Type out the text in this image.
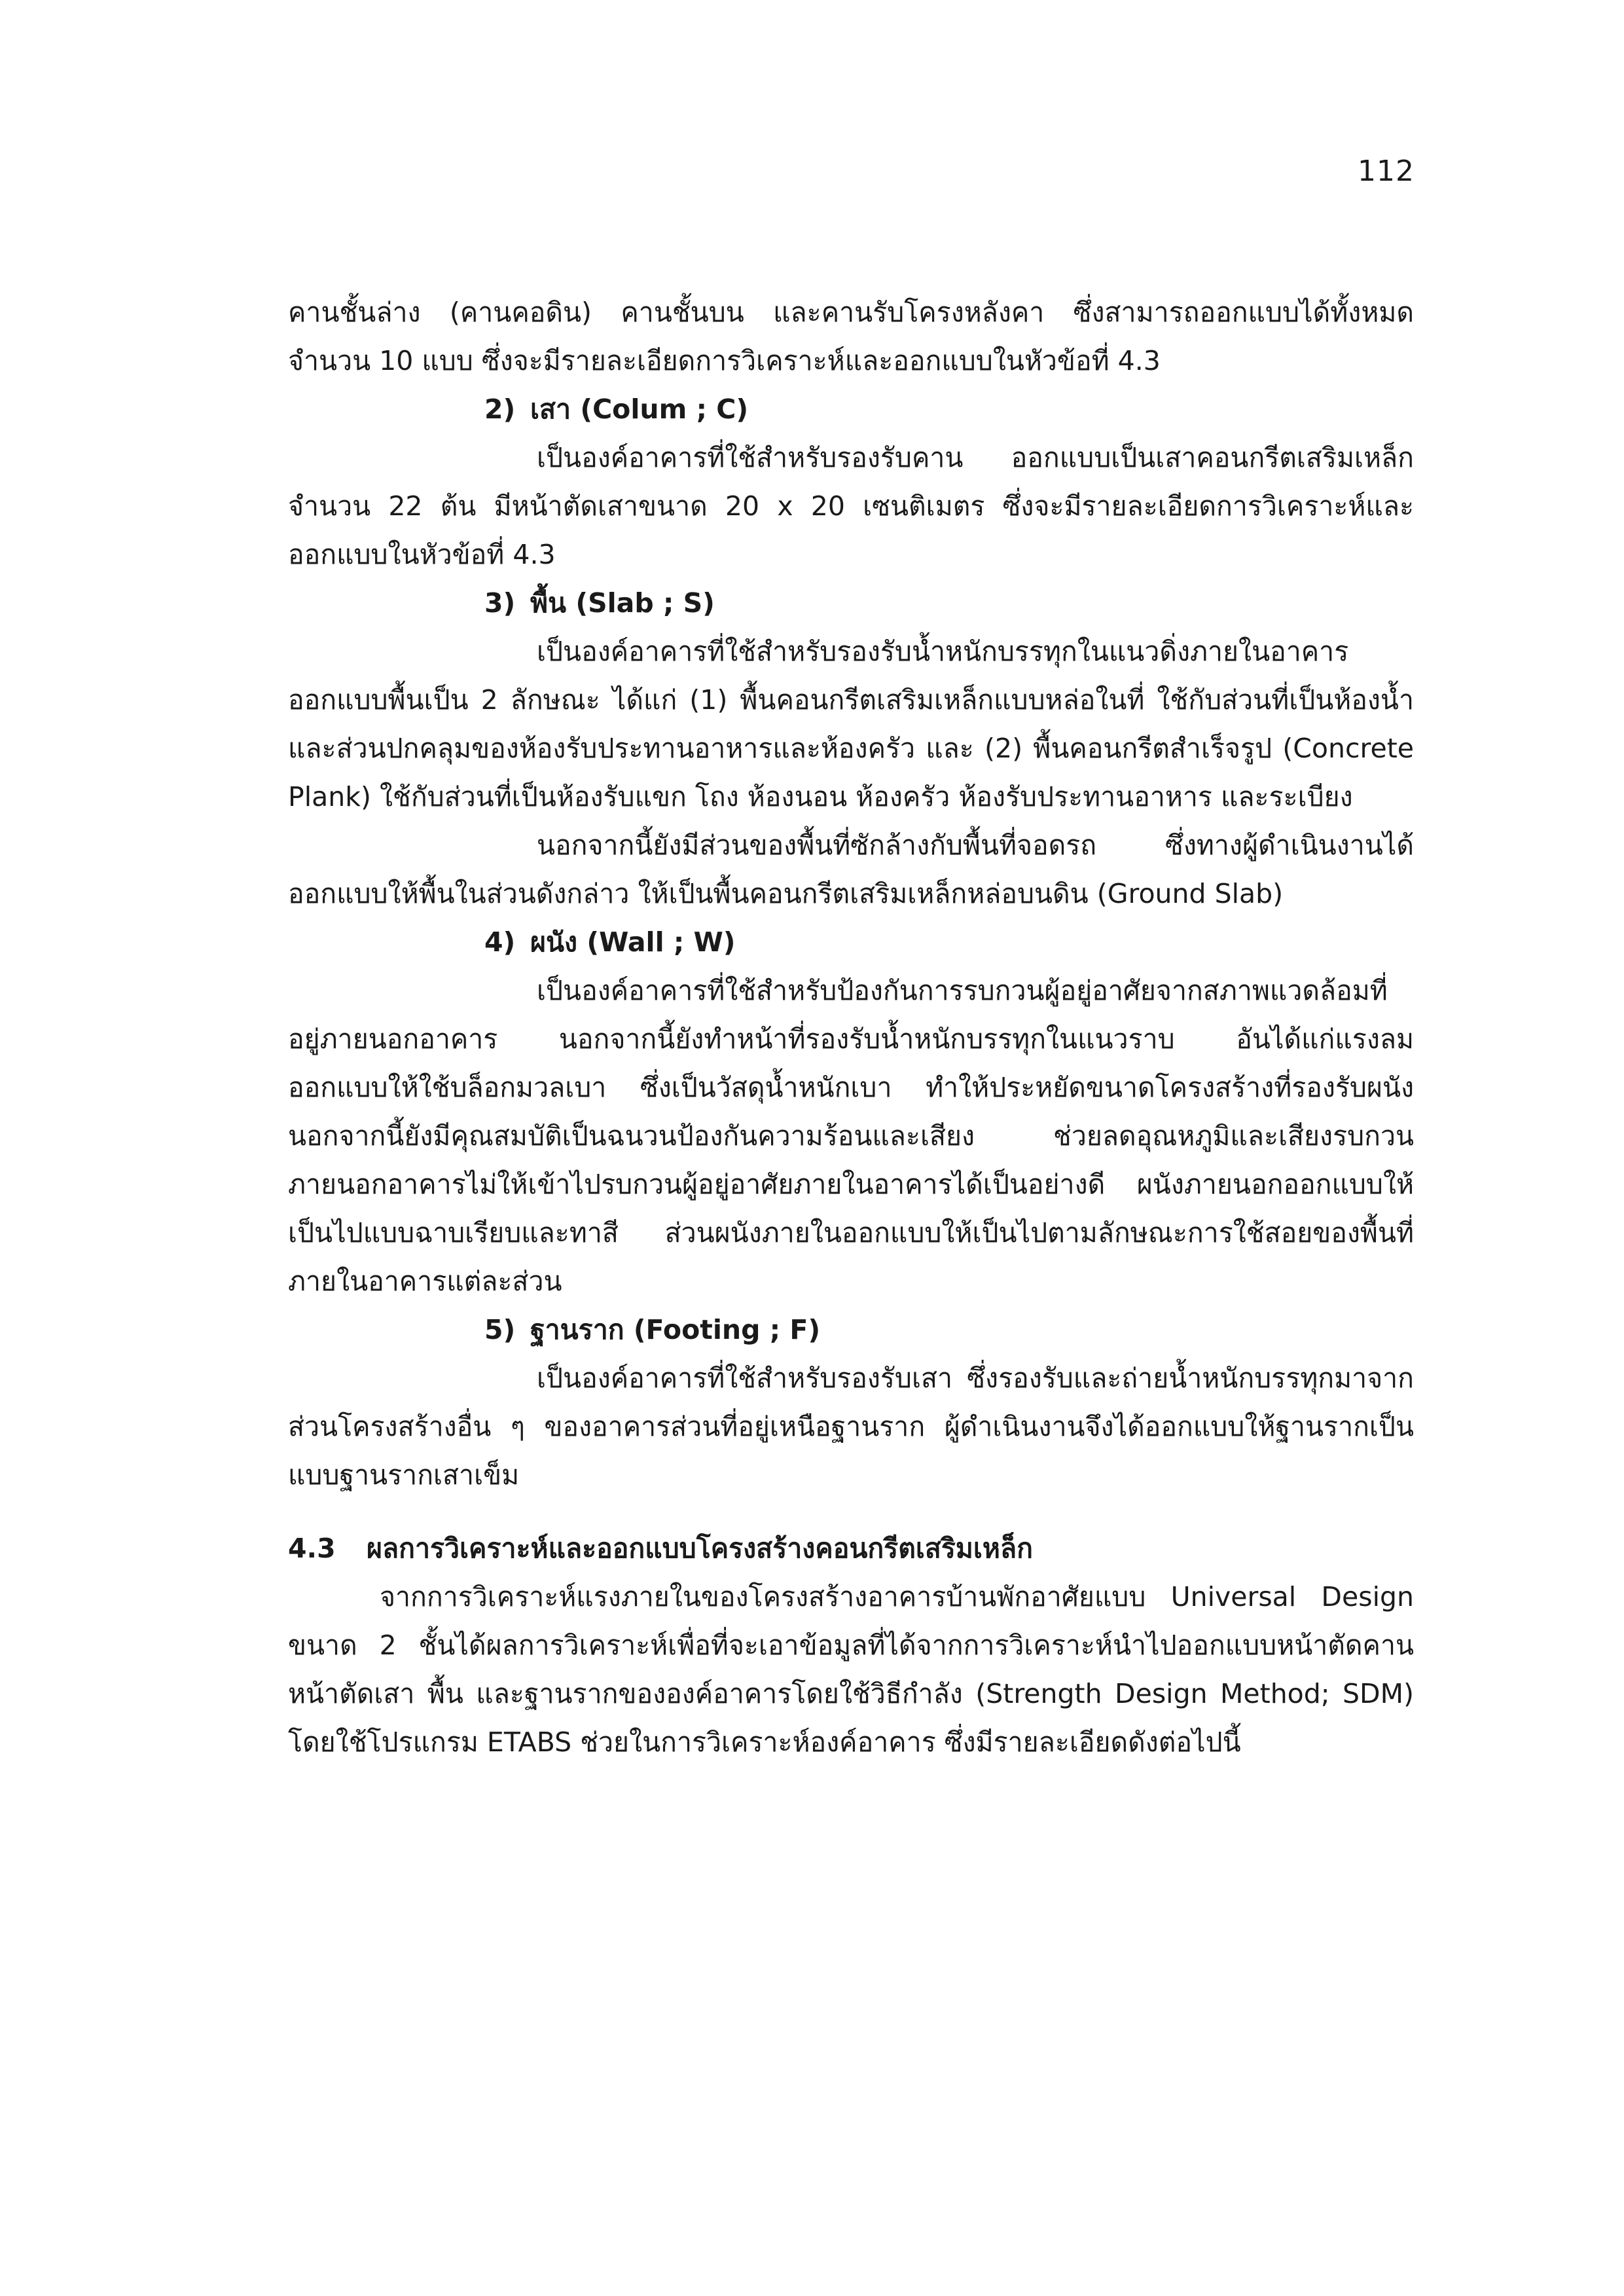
112

คานชั้นล่าง (คานคอดิน) คานชั้นบน และคานรับโครงหลังคา ซึ่งสามารถออกแบบได้ทั้งหมดจำนวน 10 แบบ ซึ่งจะมีรายละเอียดการวิเคราะห์และออกแบบในหัวข้อที่ 4.3

2) เสา (Colum ; C)

เป็นองค์อาคารที่ใช้สำหรับรองรับคาน ออกแบบเป็นเสาคอนกรีตเสริมเหล็ก จำนวน 22 ต้น มีหน้าตัดเสาขนาด 20 x 20 เซนติเมตร ซึ่งจะมีรายละเอียดการวิเคราะห์และออกแบบในหัวข้อที่ 4.3

3) พื้น (Slab ; S)

เป็นองค์อาคารที่ใช้สำหรับรองรับน้ำหนักบรรทุกในแนวดิ่งภายในอาคาร ออกแบบพื้นเป็น 2 ลักษณะ ได้แก่ (1) พื้นคอนกรีตเสริมเหล็กแบบหล่อในที่ ใช้กับส่วนที่เป็นห้องน้ำและส่วนปกคลุมของห้องรับประทานอาหารและห้องครัว และ (2) พื้นคอนกรีตสำเร็จรูป (Concrete Plank) ใช้กับส่วนที่เป็นห้องรับแขก โถง ห้องนอน ห้องครัว ห้องรับประทานอาหาร และระเบียง

นอกจากนี้ยังมีส่วนของพื้นที่ซักล้างกับพื้นที่จอดรถ ซึ่งทางผู้ดำเนินงานได้ออกแบบให้พื้นในส่วนดังกล่าว ให้เป็นพื้นคอนกรีตเสริมเหล็กหล่อบนดิน (Ground Slab)

4) ผนัง (Wall ; W)

เป็นองค์อาคารที่ใช้สำหรับป้องกันการรบกวนผู้อยู่อาศัยจากสภาพแวดล้อมที่อยู่ภายนอกอาคาร นอกจากนี้ยังทำหน้าที่รองรับน้ำหนักบรรทุกในแนวราบ อันได้แก่แรงลม ออกแบบให้ใช้บล็อกมวลเบา ซึ่งเป็นวัสดุน้ำหนักเบา ทำให้ประหยัดขนาดโครงสร้างที่รองรับผนัง นอกจากนี้ยังมีคุณสมบัติเป็นฉนวนป้องกันความร้อนและเสียง ช่วยลดอุณหภูมิและเสียงรบกวนภายนอกอาคารไม่ให้เข้าไปรบกวนผู้อยู่อาศัยภายในอาคารได้เป็นอย่างดี ผนังภายนอกออกแบบให้เป็นไปแบบฉาบเรียบและทาสี ส่วนผนังภายในออกแบบให้เป็นไปตามลักษณะการใช้สอยของพื้นที่ภายในอาคารแต่ละส่วน

5) ฐานราก (Footing ; F)

เป็นองค์อาคารที่ใช้สำหรับรองรับเสา ซึ่งรองรับและถ่ายน้ำหนักบรรทุกมาจากส่วนโครงสร้างอื่น ๆ ของอาคารส่วนที่อยู่เหนือฐานราก ผู้ดำเนินงานจึงได้ออกแบบให้ฐานรากเป็นแบบฐานรากเสาเข็ม

4.3 ผลการวิเคราะห์และออกแบบโครงสร้างคอนกรีตเสริมเหล็ก

จากการวิเคราะห์แรงภายในของโครงสร้างอาคารบ้านพักอาศัยแบบ Universal Design ขนาด 2 ชั้นได้ผลการวิเคราะห์เพื่อที่จะเอาข้อมูลที่ได้จากการวิเคราะห์นำไปออกแบบหน้าตัดคาน หน้าตัดเสา พื้น และฐานรากขององค์อาคารโดยใช้วิธีกำลัง (Strength Design Method; SDM) โดยใช้โปรแกรม ETABS ช่วยในการวิเคราะห์องค์อาคาร ซึ่งมีรายละเอียดดังต่อไปนี้
